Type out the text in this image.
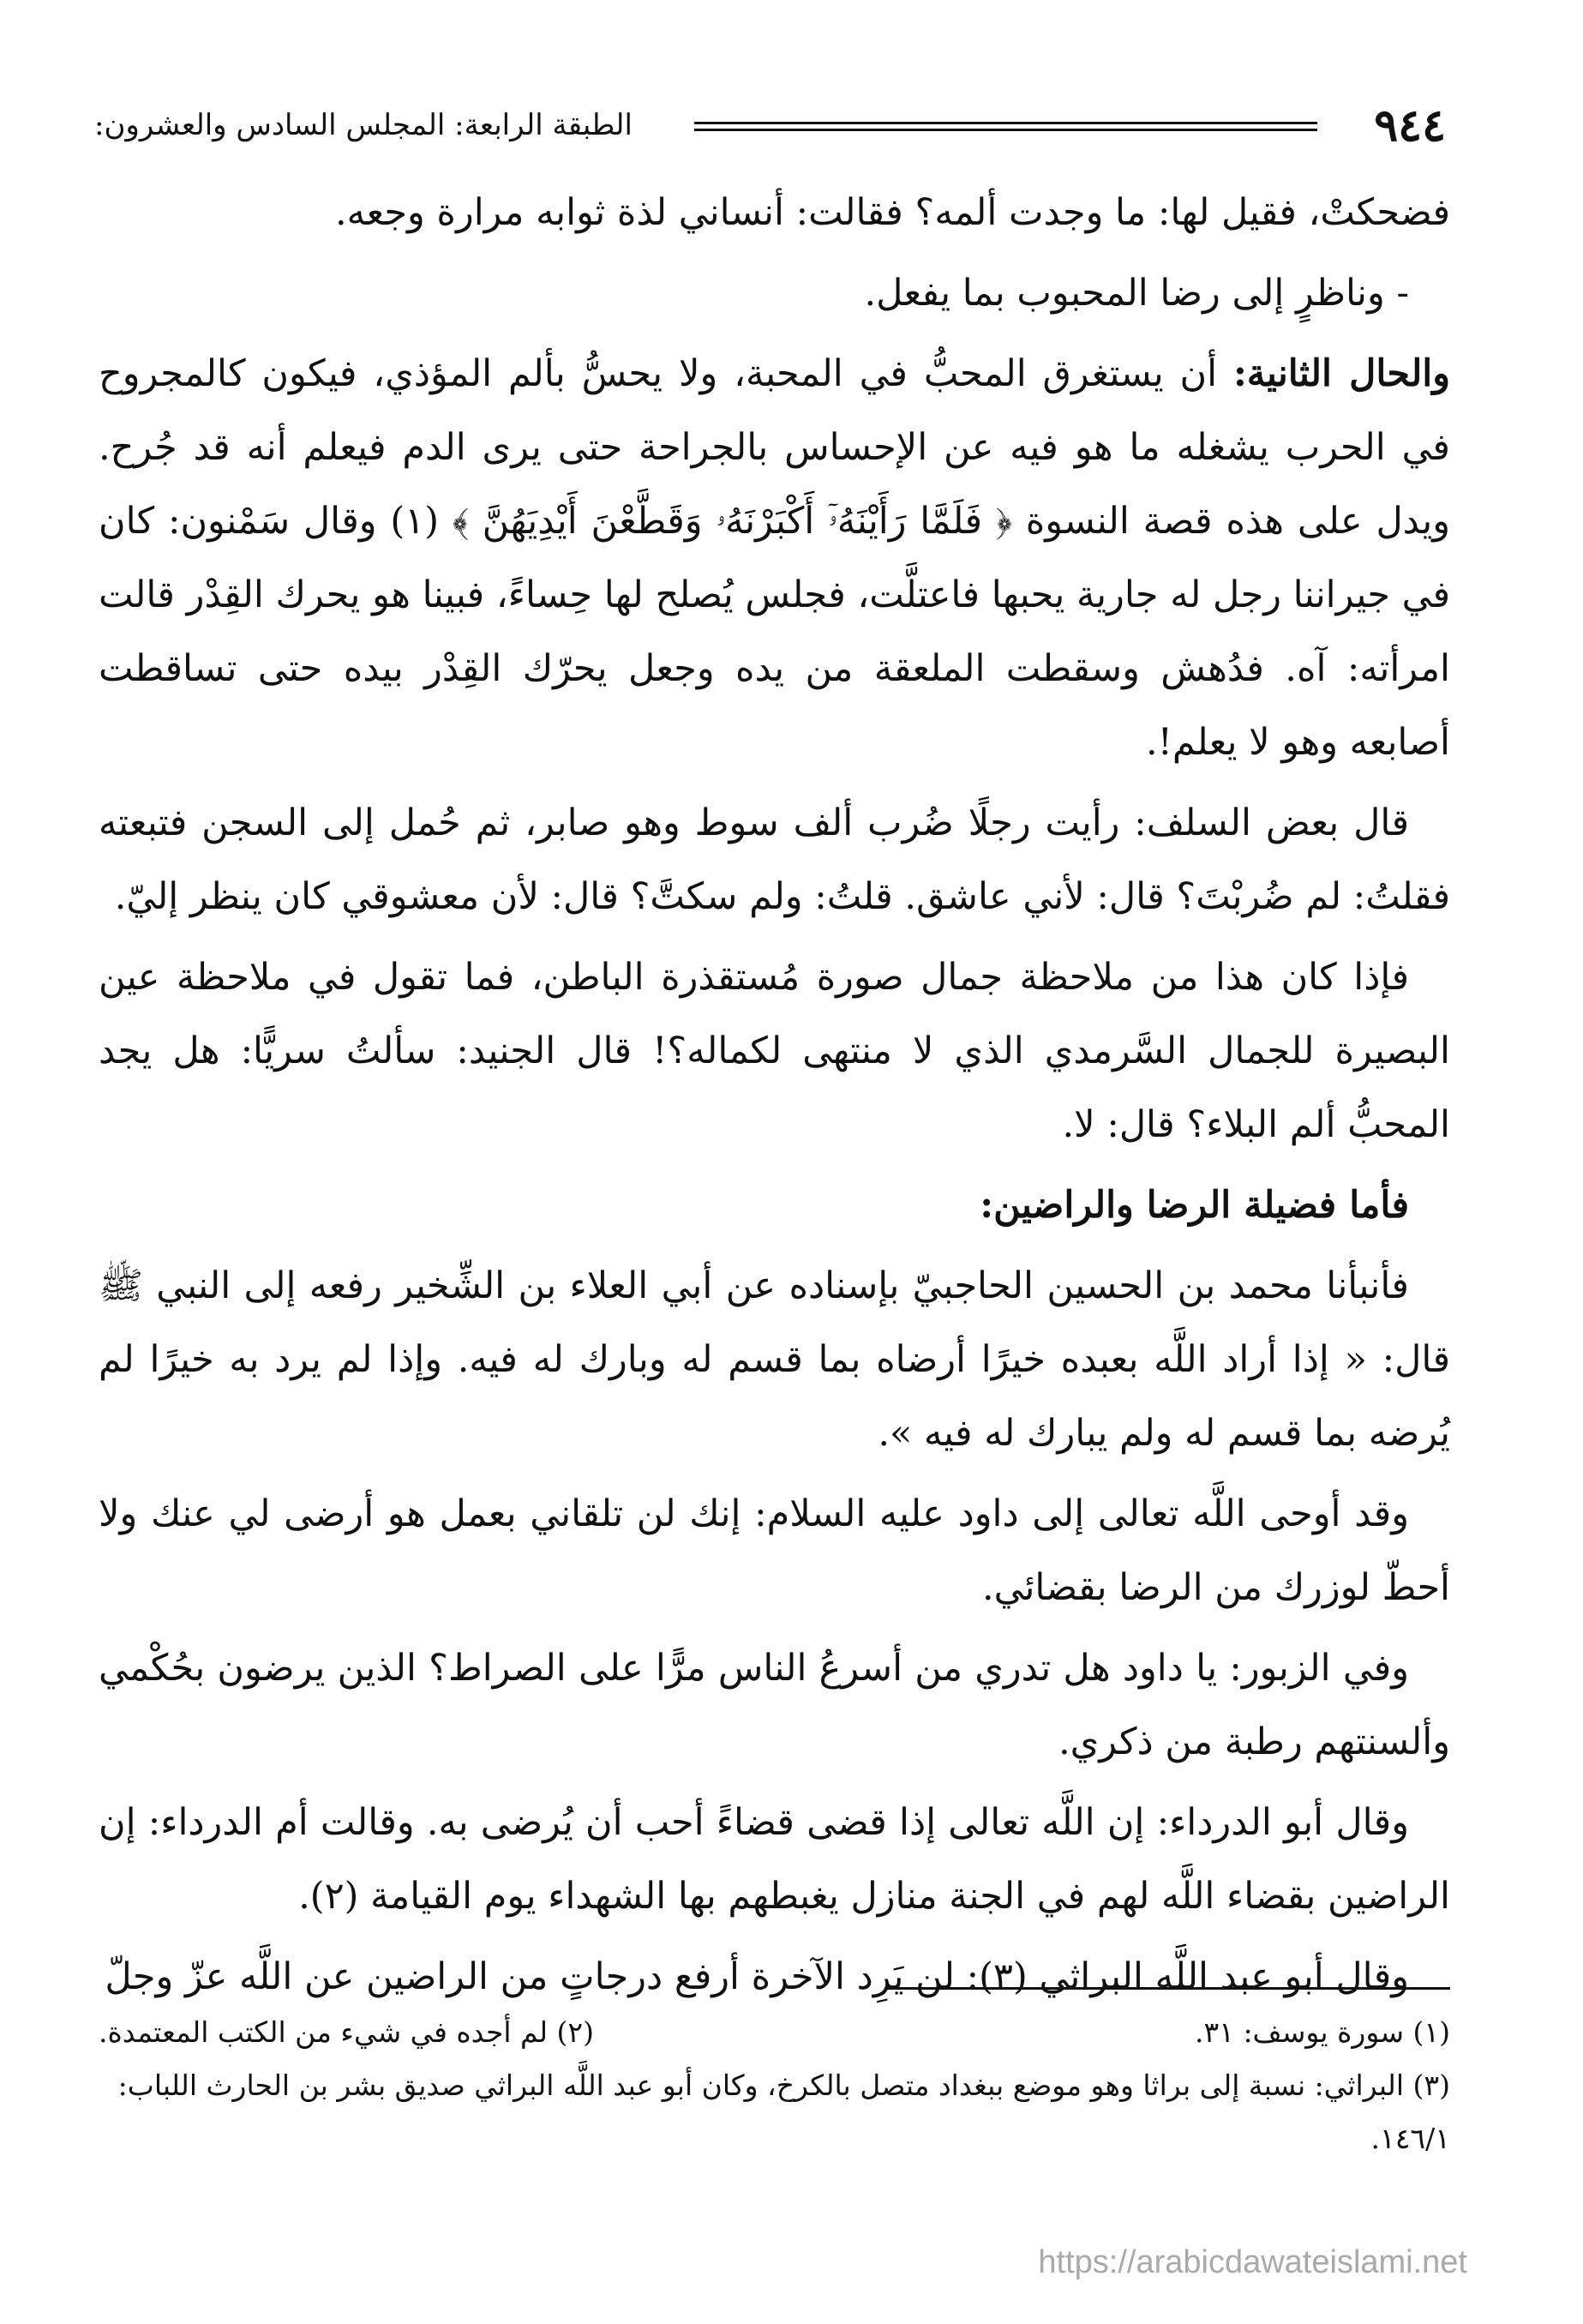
٩٤٤
الطبقة الرابعة: المجلس السادس والعشرون:

فضحكتْ، فقيل لها: ما وجدت ألمه؟ فقالت: أنساني لذة ثوابه مرارة وجعه.

- وناظرٍ إلى رضا المحبوب بما يفعل.

والحال الثانية: أن يستغرق المحبُّ في المحبة، ولا يحسُّ بألم المؤذي، فيكون كالمجروح في الحرب يشغله ما هو فيه عن الإحساس بالجراحة حتى يرى الدم فيعلم أنه قد جُرح. ويدل على هذه قصة النسوة ﴿ فَلَمَّا رَأَيْنَهُۥٓ أَكْبَرْنَهُۥ وَقَطَّعْنَ أَيْدِيَهُنَّ ﴾ (١) وقال سَمْنون: كان في جيراننا رجل له جارية يحبها فاعتلَّت، فجلس يُصلح لها حِساءً، فبينا هو يحرك القِدْر قالت امرأته: آه. فدُهش وسقطت الملعقة من يده وجعل يحرّك القِدْر بيده حتى تساقطت أصابعه وهو لا يعلم!.

قال بعض السلف: رأيت رجلًا ضُرب ألف سوط وهو صابر، ثم حُمل إلى السجن فتبعته فقلتُ: لم ضُربْتَ؟ قال: لأني عاشق. قلتُ: ولم سكتَّ؟ قال: لأن معشوقي كان ينظر إليّ.

فإذا كان هذا من ملاحظة جمال صورة مُستقذرة الباطن، فما تقول في ملاحظة عين البصيرة للجمال السَّرمدي الذي لا منتهى لكماله؟! قال الجنيد: سألتُ سريًّا: هل يجد المحبُّ ألم البلاء؟ قال: لا.

فأما فضيلة الرضا والراضين:

فأنبأنا محمد بن الحسين الحاجبيّ بإسناده عن أبي العلاء بن الشِّخير رفعه إلى النبي ﷺ قال: « إذا أراد اللَّه بعبده خيرًا أرضاه بما قسم له وبارك له فيه. وإذا لم يرد به خيرًا لم يُرضه بما قسم له ولم يبارك له فيه ».

وقد أوحى اللَّه تعالى إلى داود عليه السلام: إنك لن تلقاني بعمل هو أرضى لي عنك ولا أحطّ لوزرك من الرضا بقضائي.

وفي الزبور: يا داود هل تدري من أسرعُ الناس مرًّا على الصراط؟ الذين يرضون بحُكْمي وألسنتهم رطبة من ذكري.

وقال أبو الدرداء: إن اللَّه تعالى إذا قضى قضاءً أحب أن يُرضى به. وقالت أم الدرداء: إن الراضين بقضاء اللَّه لهم في الجنة منازل يغبطهم بها الشهداء يوم القيامة (٢).

وقال أبو عبد اللَّه البراثي (٣): لن يَرِد الآخرة أرفع درجاتٍ من الراضين عن اللَّه عزّ وجلّ

(١) سورة يوسف: ٣١.
(٢) لم أجده في شيء من الكتب المعتمدة.
(٣) البراثي: نسبة إلى براثا وهو موضع ببغداد متصل بالكرخ، وكان أبو عبد اللَّه البراثي صديق بشر بن الحارث اللباب: ١٤٦/١.
https://arabicdawateislami.net
